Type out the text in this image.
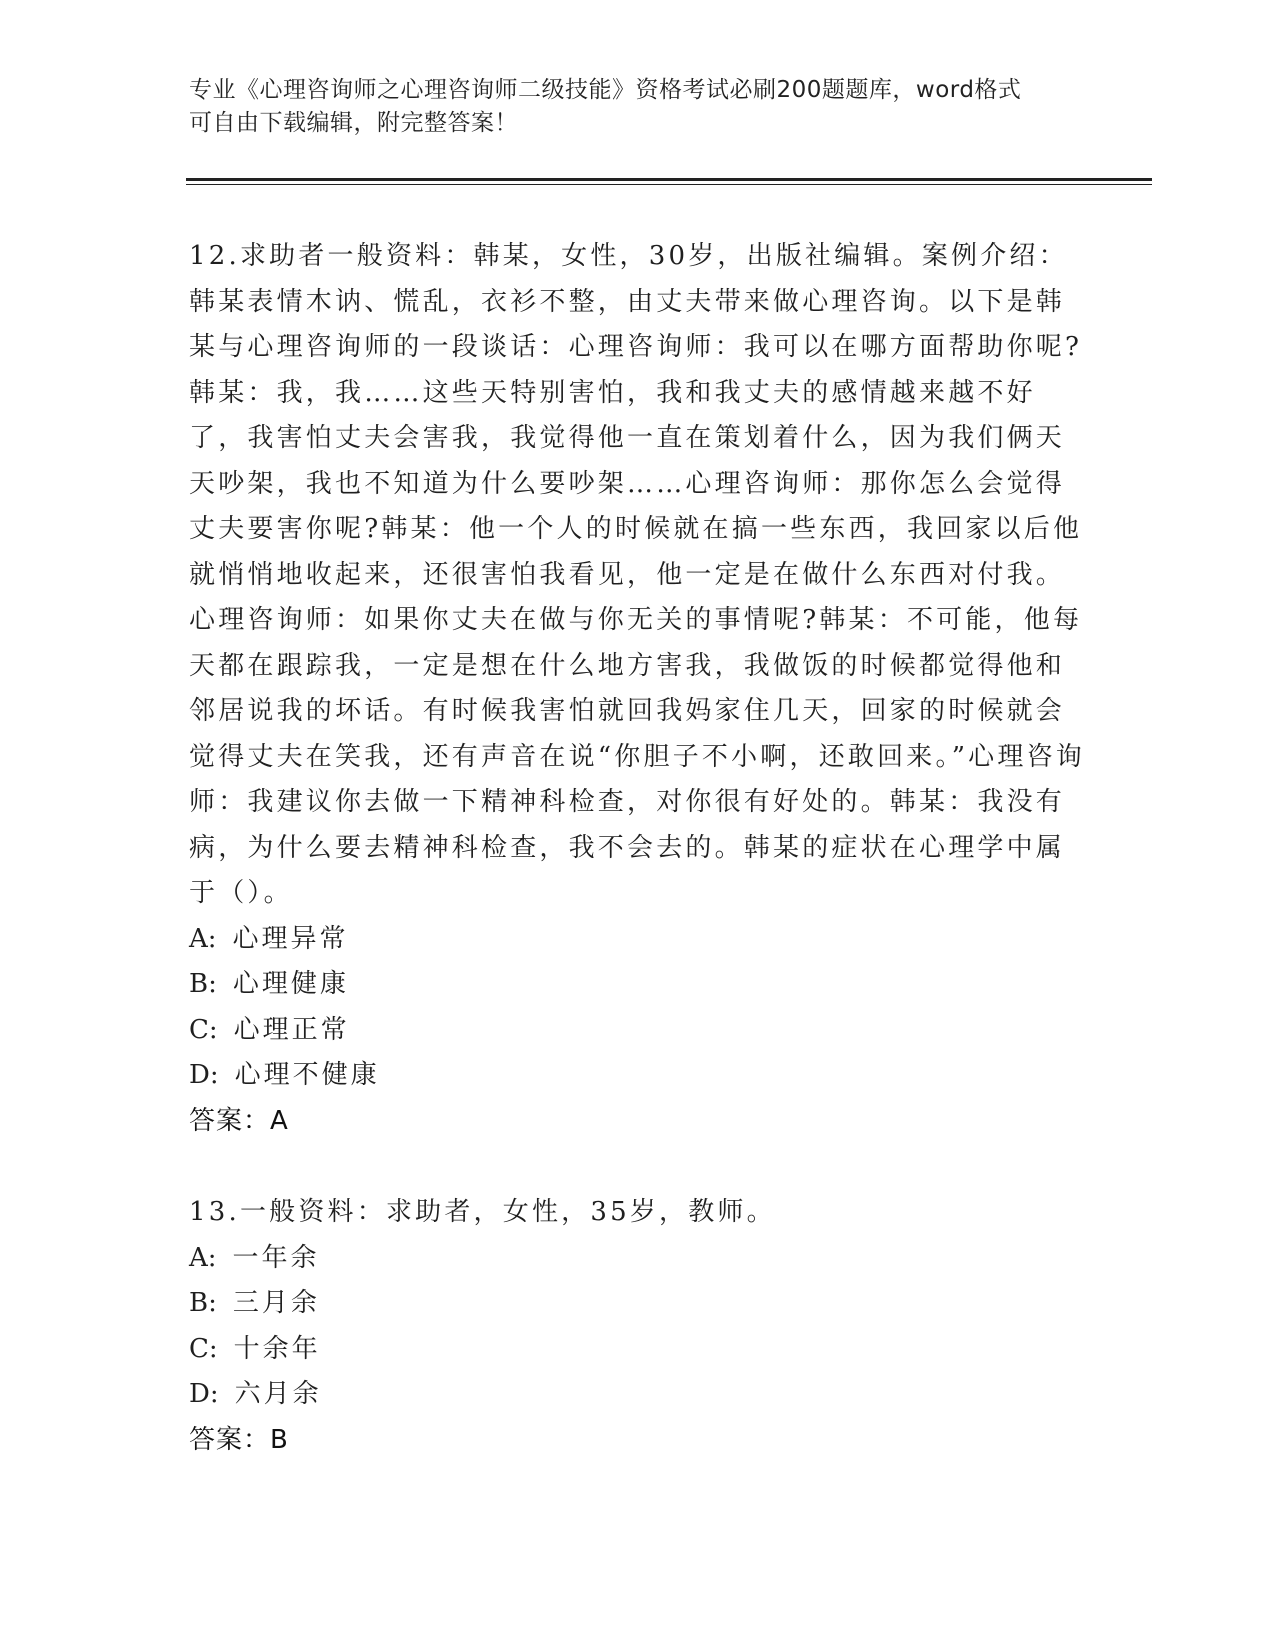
专业《心理咨询师之心理咨询师二级技能》资格考试必刷200题题库，word格式

可自由下载编辑，附完整答案！

12.求助者一般资料：韩某，女性，30岁，出版社编辑。案例介绍：韩某表情木讷、慌乱，衣衫不整，由丈夫带来做心理咨询。以下是韩某与心理咨询师的一段谈话：心理咨询师：我可以在哪方面帮助你呢?韩某：我，我……这些天特别害怕，我和我丈夫的感情越来越不好了，我害怕丈夫会害我，我觉得他一直在策划着什么，因为我们俩天天吵架，我也不知道为什么要吵架……心理咨询师：那你怎么会觉得丈夫要害你呢?韩某：他一个人的时候就在搞一些东西，我回家以后他就悄悄地收起来，还很害怕我看见，他一定是在做什么东西对付我。心理咨询师：如果你丈夫在做与你无关的事情呢?韩某：不可能，他每天都在跟踪我，一定是想在什么地方害我，我做饭的时候都觉得他和邻居说我的坏话。有时候我害怕就回我妈家住几天，回家的时候就会觉得丈夫在笑我，还有声音在说“你胆子不小啊，还敢回来。”心理咨询师：我建议你去做一下精神科检查，对你很有好处的。韩某：我没有病，为什么要去精神科检查，我不会去的。韩某的症状在心理学中属于（）。

A: 心理异常

B: 心理健康

C: 心理正常

D: 心理不健康

答案：A

13.一般资料：求助者，女性，35岁，教师。

A: 一年余

B: 三月余

C: 十余年

D: 六月余

答案：B
